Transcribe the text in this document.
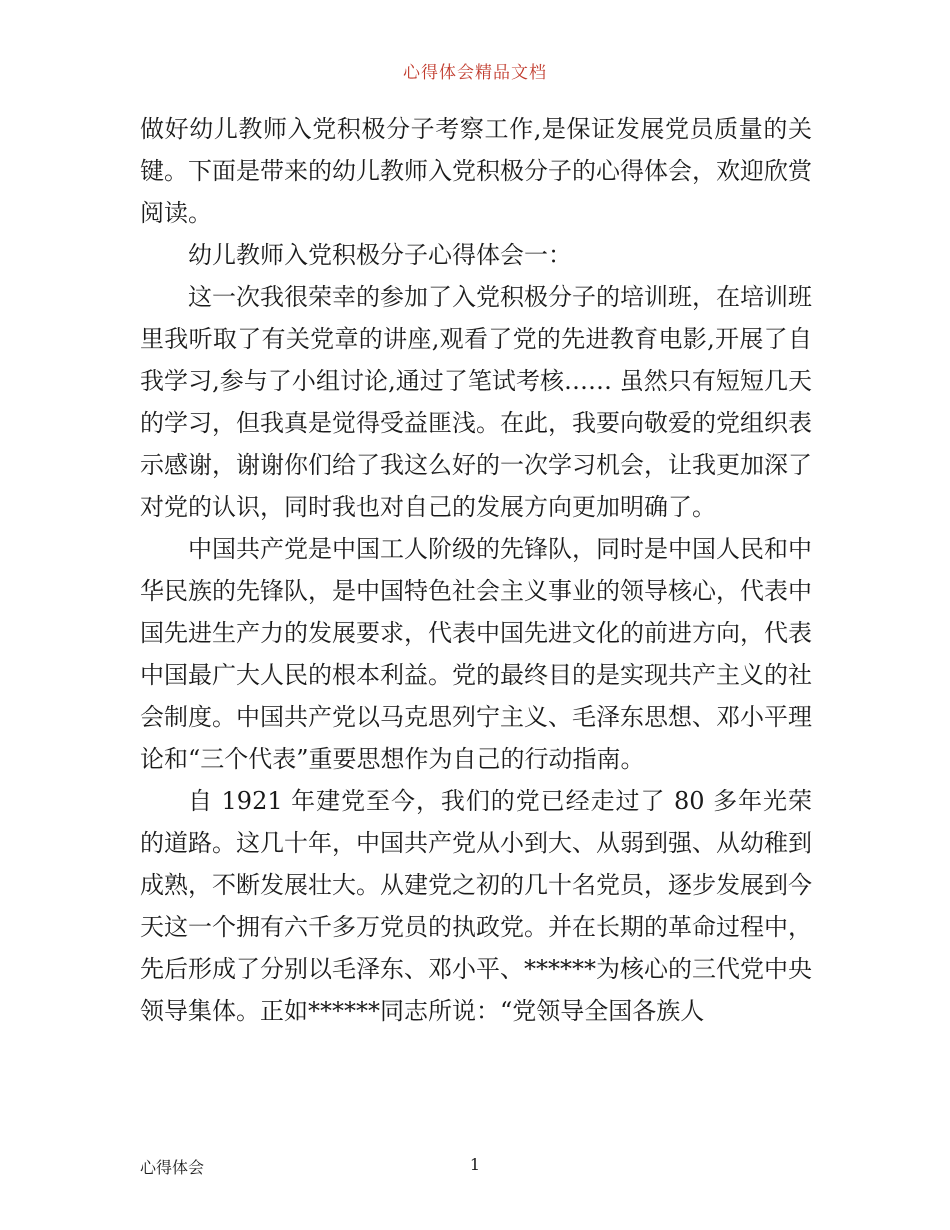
心得体会精品文档

做好幼儿教师入党积极分子考察工作,是保证发展党员质量的关键。下面是带来的幼儿教师入党积极分子的心得体会，欢迎欣赏阅读。

幼儿教师入党积极分子心得体会一：

这一次我很荣幸的参加了入党积极分子的培训班，在培训班里我听取了有关党章的讲座,观看了党的先进教育电影,开展了自我学习,参与了小组讨论,通过了笔试考核…… 虽然只有短短几天的学习，但我真是觉得受益匪浅。在此，我要向敬爱的党组织表示感谢，谢谢你们给了我这么好的一次学习机会，让我更加深了对党的认识，同时我也对自己的发展方向更加明确了。

中国共产党是中国工人阶级的先锋队，同时是中国人民和中华民族的先锋队，是中国特色社会主义事业的领导核心，代表中国先进生产力的发展要求，代表中国先进文化的前进方向，代表中国最广大人民的根本利益。党的最终目的是实现共产主义的社会制度。中国共产党以马克思列宁主义、毛泽东思想、邓小平理论和“三个代表”重要思想作为自己的行动指南。

自 1921 年建党至今，我们的党已经走过了 80 多年光荣的道路。这几十年，中国共产党从小到大、从弱到强、从幼稚到成熟，不断发展壮大。从建党之初的几十名党员，逐步发展到今天这一个拥有六千多万党员的执政党。并在长期的革命过程中，先后形成了分别以毛泽东、邓小平、******为核心的三代党中央领导集体。正如******同志所说：“党领导全国各族人

心得体会	1
